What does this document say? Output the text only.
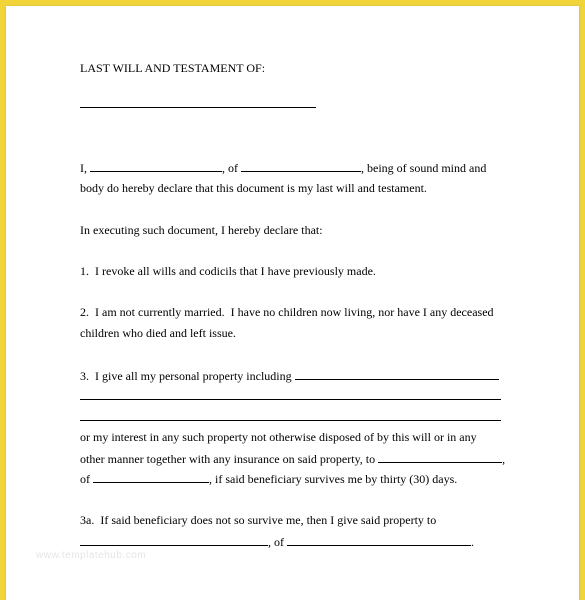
LAST WILL AND TESTAMENT OF:
I,	, of	, being of sound mind and
body do hereby declare that this document is my last will and testament.
In executing such document, I hereby declare that:
1.  I revoke all wills and codicils that I have previously made.
2.  I am not currently married.  I have no children now living, nor have I any deceased
children who died and left issue.
3.  I give all my personal property including
or my interest in any such property not otherwise disposed of by this will or in any
other manner together with any insurance on said property, to	,
of	, if said beneficiary survives me by thirty (30) days.
3a.  If said beneficiary does not so survive me, then I give said property to
, of	.
www.templatehub.com
